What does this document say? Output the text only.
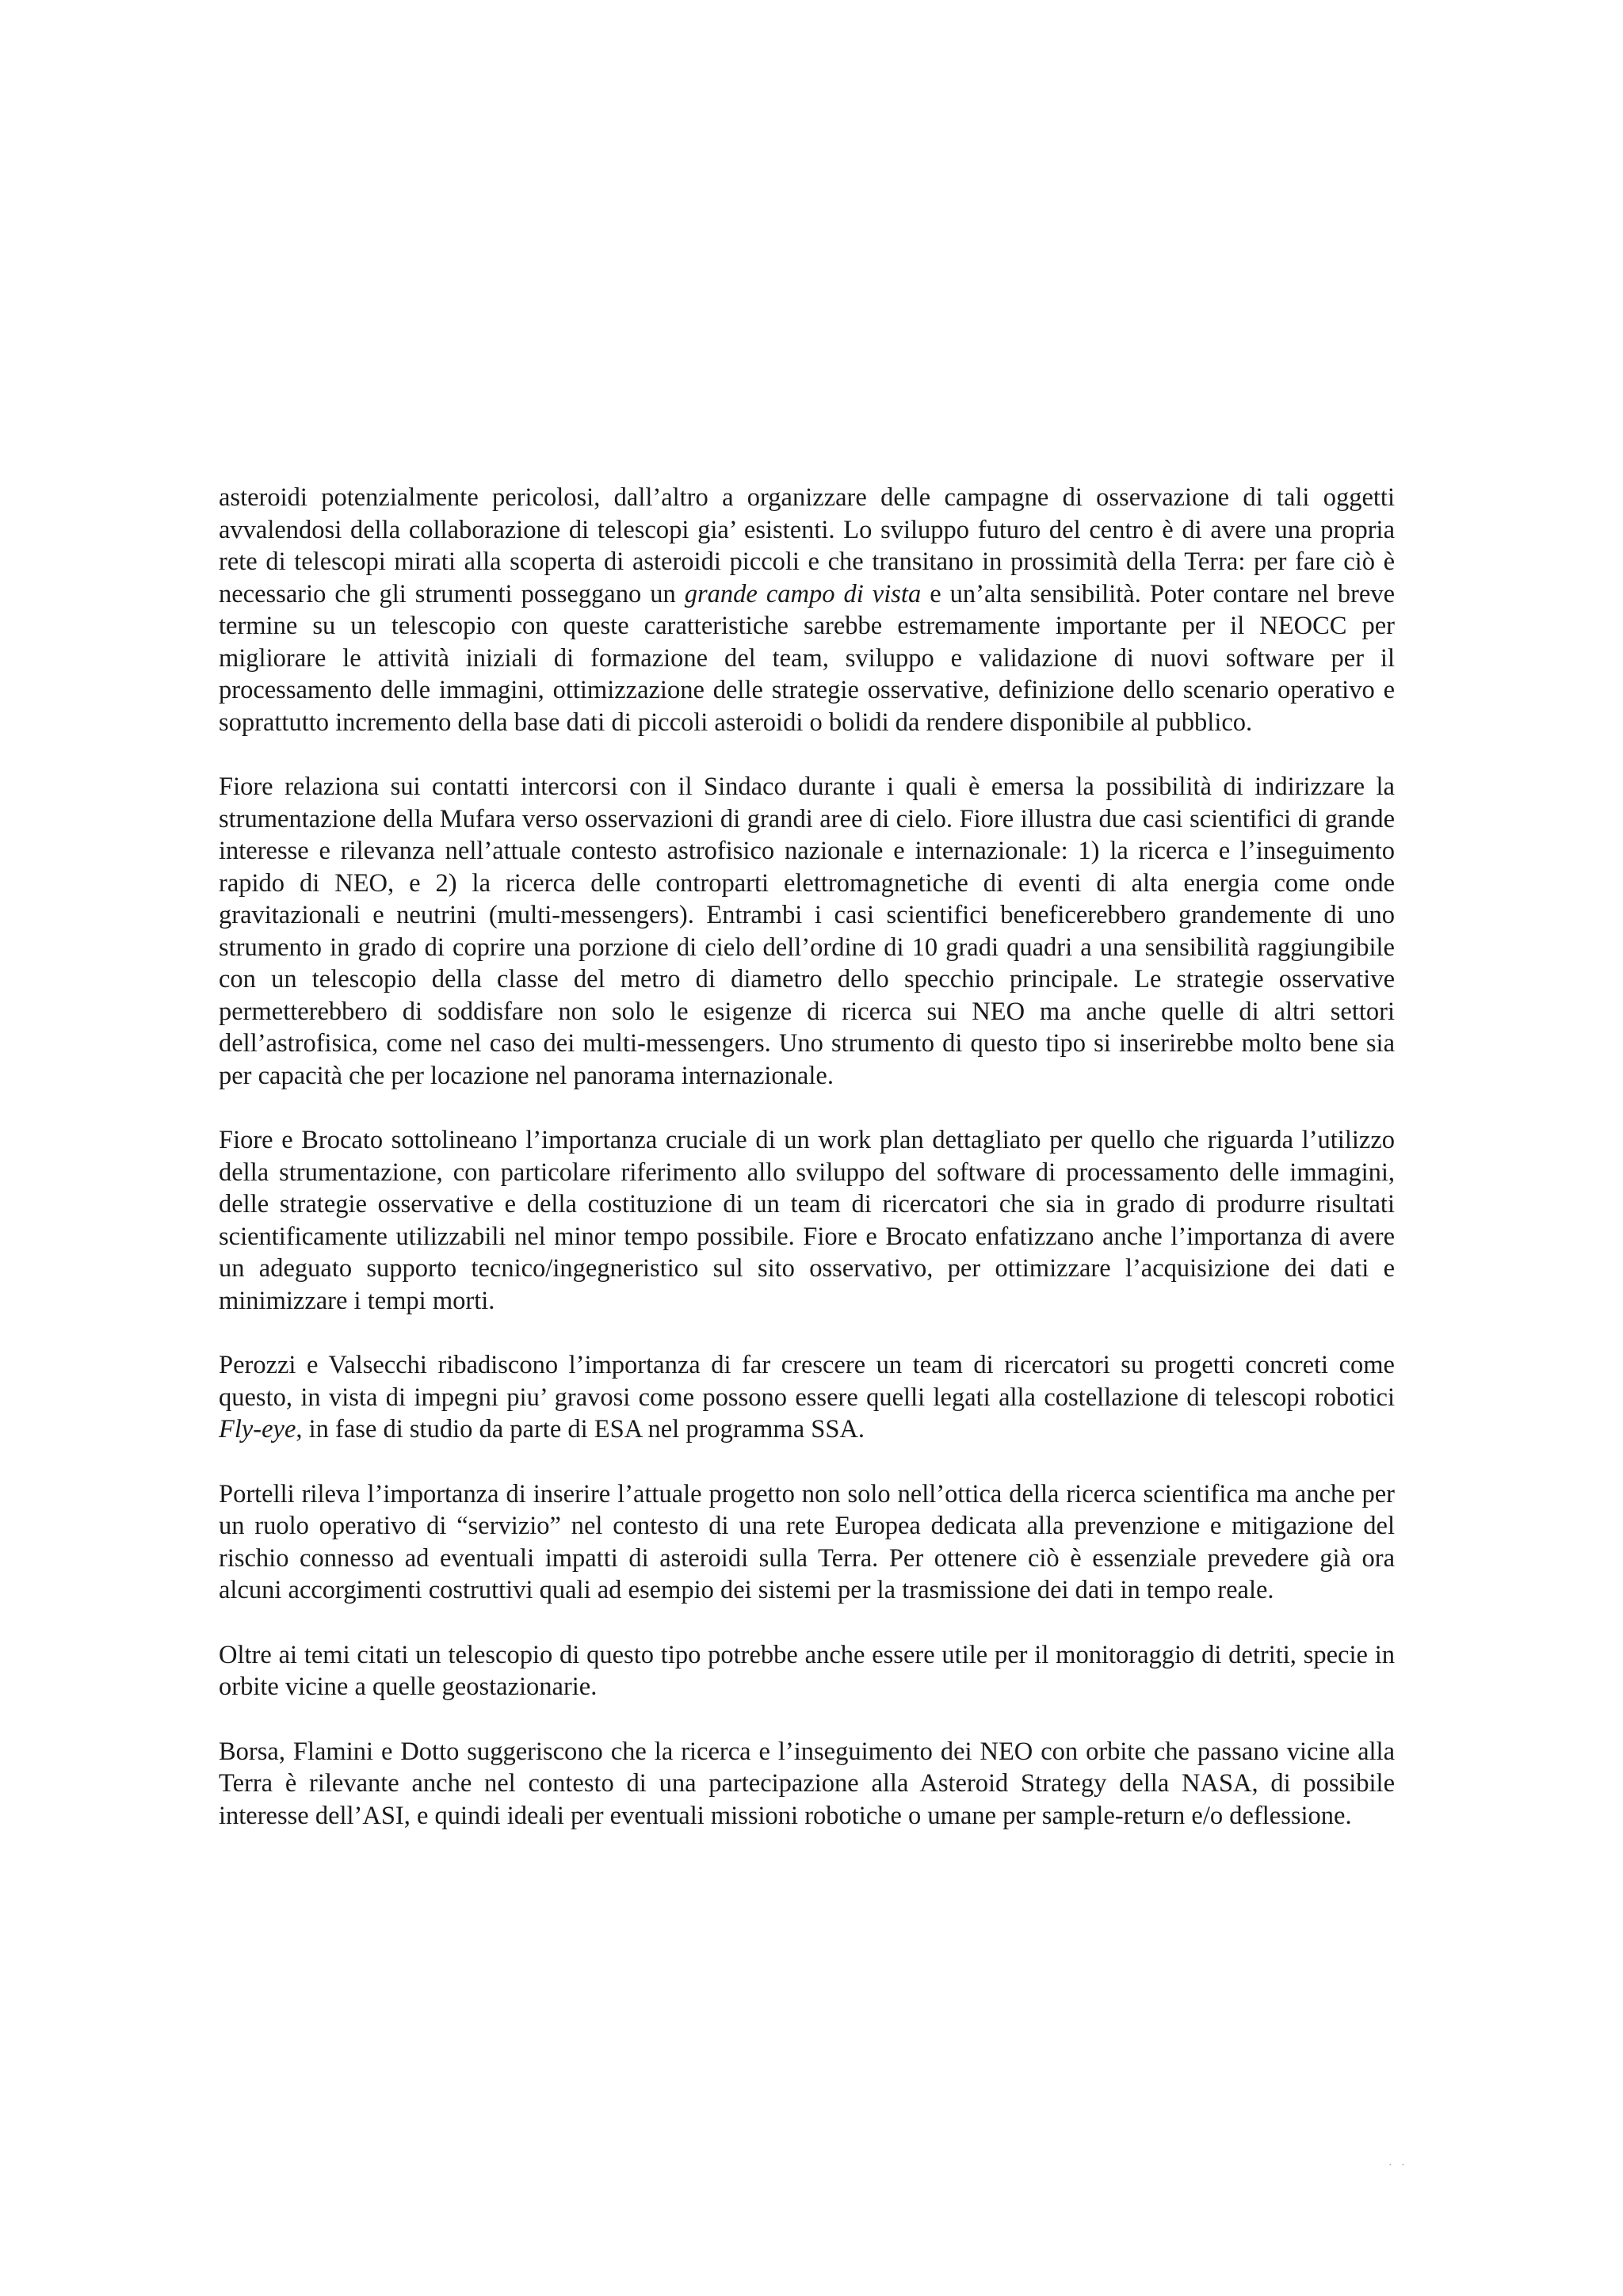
asteroidi potenzialmente pericolosi, dall’altro a organizzare delle campagne di osservazione di tali oggetti avvalendosi della collaborazione di telescopi gia’ esistenti. Lo sviluppo futuro del centro è di avere una propria rete di telescopi mirati alla scoperta di asteroidi piccoli e che transitano in prossimità della Terra: per fare ciò è necessario che gli strumenti posseggano un grande campo di vista e un’alta sensibilità. Poter contare nel breve termine su un telescopio con queste caratteristiche sarebbe estremamente importante per il NEOCC per migliorare le attività iniziali di formazione del team, sviluppo e validazione di nuovi software per il processamento delle immagini, ottimizzazione delle strategie osservative, definizione dello scenario operativo e soprattutto incremento della base dati di piccoli asteroidi o bolidi da rendere disponibile al pubblico.

Fiore relaziona sui contatti intercorsi con il Sindaco durante i quali è emersa la possibilità di indirizzare la strumentazione della Mufara verso osservazioni di grandi aree di cielo. Fiore illustra due casi scientifici di grande interesse e rilevanza nell’attuale contesto astrofisico nazionale e internazionale: 1) la ricerca e l’inseguimento rapido di NEO, e 2) la ricerca delle controparti elettromagnetiche di eventi di alta energia come onde gravitazionali e neutrini (multi-messengers). Entrambi i casi scientifici beneficerebbero grandemente di uno strumento in grado di coprire una porzione di cielo dell’ordine di 10 gradi quadri a una sensibilità raggiungibile con un telescopio della classe del metro di diametro dello specchio principale. Le strategie osservative permetterebbero di soddisfare non solo le esigenze di ricerca sui NEO ma anche quelle di altri settori dell’astrofisica, come nel caso dei multi-messengers. Uno strumento di questo tipo si inserirebbe molto bene sia per capacità che per locazione nel panorama internazionale.

Fiore e Brocato sottolineano l’importanza cruciale di un work plan dettagliato per quello che riguarda l’utilizzo della strumentazione, con particolare riferimento allo sviluppo del software di processamento delle immagini, delle strategie osservative e della costituzione di un team di ricercatori che sia in grado di produrre risultati scientificamente utilizzabili nel minor tempo possibile. Fiore e Brocato enfatizzano anche l’importanza di avere un adeguato supporto tecnico/ingegneristico sul sito osservativo, per ottimizzare l’acquisizione dei dati e minimizzare i tempi morti.

Perozzi e Valsecchi ribadiscono l’importanza di far crescere un team di ricercatori su progetti concreti come questo, in vista di impegni piu’ gravosi come possono essere quelli legati alla costellazione di telescopi robotici Fly-eye, in fase di studio da parte di ESA nel programma SSA.

Portelli rileva l’importanza di inserire l’attuale progetto non solo nell’ottica della ricerca scientifica ma anche per un ruolo operativo di “servizio” nel contesto di una rete Europea dedicata alla prevenzione e mitigazione del rischio connesso ad eventuali impatti di asteroidi sulla Terra. Per ottenere ciò è essenziale prevedere già ora alcuni accorgimenti costruttivi quali ad esempio dei sistemi per la trasmissione dei dati in tempo reale.

Oltre ai temi citati un telescopio di questo tipo potrebbe anche essere utile per il monitoraggio di detriti, specie in orbite vicine a quelle geostazionarie.

Borsa, Flamini e Dotto suggeriscono che la ricerca e l’inseguimento dei NEO con orbite che passano vicine alla Terra è rilevante anche nel contesto di una partecipazione alla Asteroid Strategy della NASA, di possibile interesse dell’ASI, e quindi ideali per eventuali missioni robotiche o umane per sample-return e/o deflessione.

· ·
